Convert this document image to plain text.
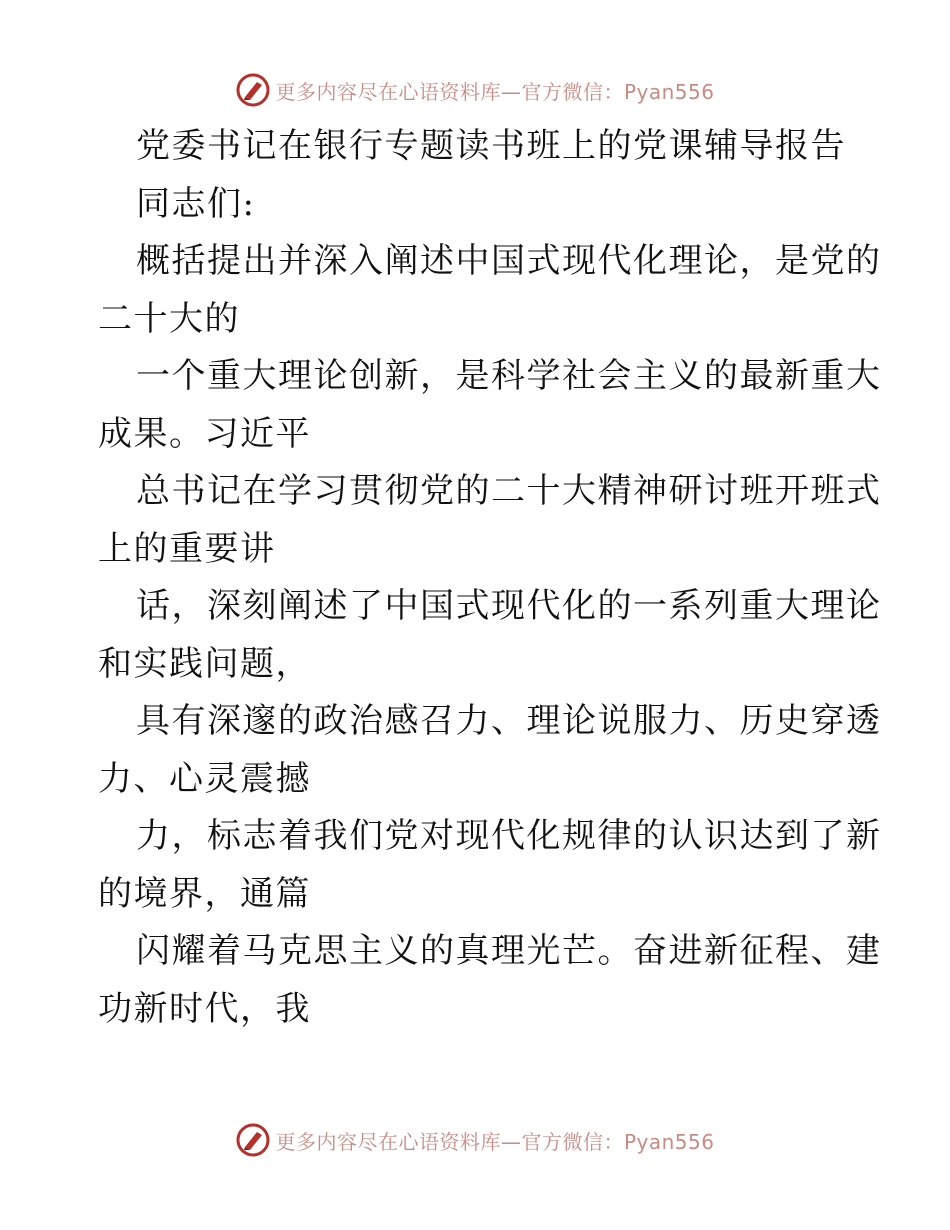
更多内容尽在心语资料库—官方微信：Pyan556
党委书记在银行专题读书班上的党课辅导报告
同志们:
概括提出并深入阐述中国式现代化理论，是党的
二十大的
一个重大理论创新，是科学社会主义的最新重大
成果。习近平
总书记在学习贯彻党的二十大精神研讨班开班式
上的重要讲
话，深刻阐述了中国式现代化的一系列重大理论
和实践问题，
具有深邃的政治感召力、理论说服力、历史穿透
力、心灵震撼
力，标志着我们党对现代化规律的认识达到了新
的境界，通篇
闪耀着马克思主义的真理光芒。奋进新征程、建
功新时代，我
更多内容尽在心语资料库—官方微信：Pyan556
